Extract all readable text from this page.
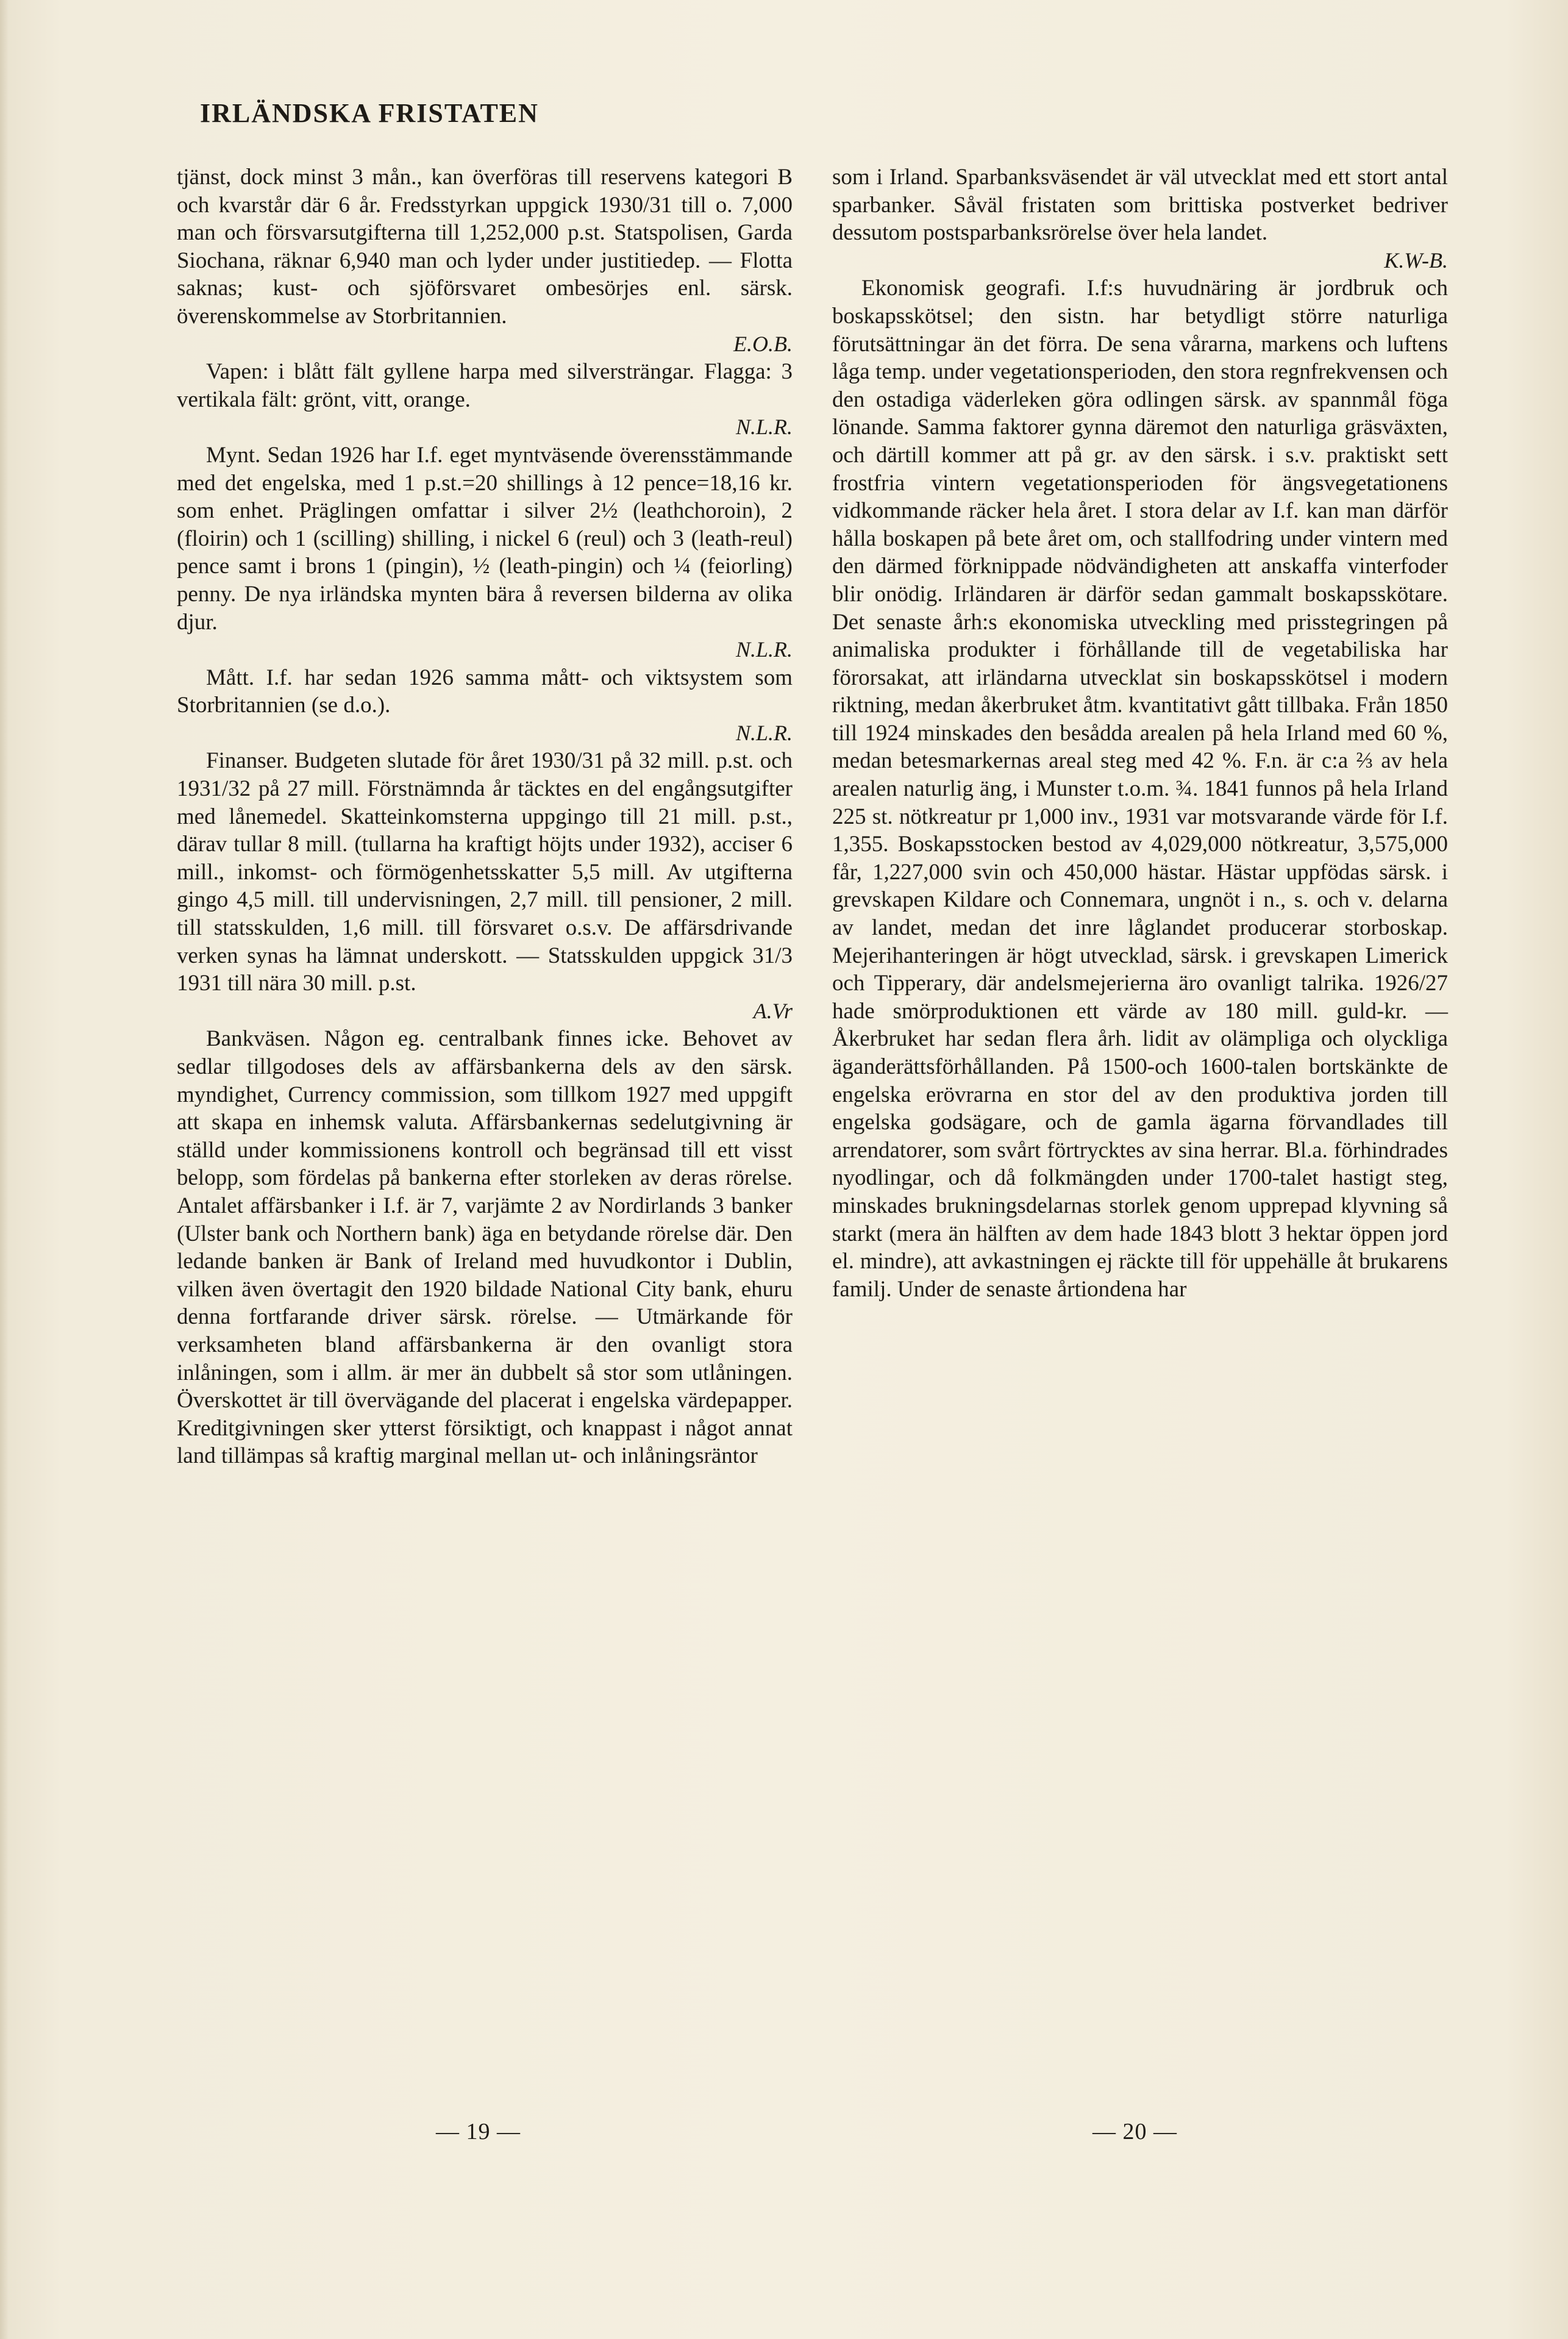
IRLÄNDSKA FRISTATEN

tjänst, dock minst 3 mån., kan överföras till reservens kategori B och kvarstår där 6 år. Fredsstyrkan uppgick 1930/31 till o. 7,000 man och försvarsutgifterna till 1,252,000 p.st. Statspolisen, Garda Siochana, räknar 6,940 man och lyder under justitiedep. — Flotta saknas; kust- och sjöförsvaret ombesörjes enl. särsk. överenskommelse av Storbritannien.

E.O.B.

Vapen: i blått fält gyllene harpa med silversträngar. Flagga: 3 vertikala fält: grönt, vitt, orange.

N.L.R.

Mynt. Sedan 1926 har I.f. eget myntväsende överensstämmande med det engelska, med 1 p.st.=20 shillings à 12 pence=18,16 kr. som enhet. Präglingen omfattar i silver 2½ (leathchoroin), 2 (floirin) och 1 (scilling) shilling, i nickel 6 (reul) och 3 (leath-reul) pence samt i brons 1 (pingin), ½ (leath-pingin) och ¼ (feiorling) penny. De nya irländska mynten bära å reversen bilderna av olika djur.

N.L.R.

Mått. I.f. har sedan 1926 samma mått- och viktsystem som Storbritannien (se d.o.).

N.L.R.

Finanser. Budgeten slutade för året 1930/31 på 32 mill. p.st. och 1931/32 på 27 mill. Förstnämnda år täcktes en del engångsutgifter med lånemedel. Skatteinkomsterna uppgingo till 21 mill. p.st., därav tullar 8 mill. (tullarna ha kraftigt höjts under 1932), acciser 6 mill., inkomst- och förmögenhetsskatter 5,5 mill. Av utgifterna gingo 4,5 mill. till undervisningen, 2,7 mill. till pensioner, 2 mill. till statsskulden, 1,6 mill. till försvaret o.s.v. De affärsdrivande verken synas ha lämnat underskott. — Statsskulden uppgick 31/3 1931 till nära 30 mill. p.st.

A.Vr

Bankväsen. Någon eg. centralbank finnes icke. Behovet av sedlar tillgodoses dels av affärsbankerna dels av den särsk. myndighet, Currency commission, som tillkom 1927 med uppgift att skapa en inhemsk valuta. Affärsbankernas sedelutgivning är ställd under kommissionens kontroll och begränsad till ett visst belopp, som fördelas på bankerna efter storleken av deras rörelse. Antalet affärsbanker i I.f. är 7, varjämte 2 av Nordirlands 3 banker (Ulster bank och Northern bank) äga en betydande rörelse där. Den ledande banken är Bank of Ireland med huvudkontor i Dublin, vilken även övertagit den 1920 bildade National City bank, ehuru denna fortfarande driver särsk. rörelse. — Utmärkande för verksamheten bland affärsbankerna är den ovanligt stora inlåningen, som i allm. är mer än dubbelt så stor som utlåningen. Överskottet är till övervägande del placerat i engelska värdepapper. Kreditgivningen sker ytterst försiktigt, och knappast i något annat land tillämpas så kraftig marginal mellan ut- och inlåningsräntor

som i Irland. Sparbanksväsendet är väl utvecklat med ett stort antal sparbanker. Såväl fristaten som brittiska postverket bedriver dessutom postsparbanksrörelse över hela landet.

K.W-B.

Ekonomisk geografi. I.f:s huvudnäring är jordbruk och boskapsskötsel; den sistn. har betydligt större naturliga förutsättningar än det förra. De sena vårarna, markens och luftens låga temp. under vegetationsperioden, den stora regnfrekvensen och den ostadiga väderleken göra odlingen särsk. av spannmål föga lönande. Samma faktorer gynna däremot den naturliga gräsväxten, och därtill kommer att på gr. av den särsk. i s.v. praktiskt sett frostfria vintern vegetationsperioden för ängsvegetationens vidkommande räcker hela året. I stora delar av I.f. kan man därför hålla boskapen på bete året om, och stallfodring under vintern med den därmed förknippade nödvändigheten att anskaffa vinterfoder blir onödig. Irländaren är därför sedan gammalt boskapsskötare. Det senaste årh:s ekonomiska utveckling med prisstegringen på animaliska produkter i förhållande till de vegetabiliska har förorsakat, att irländarna utvecklat sin boskapsskötsel i modern riktning, medan åkerbruket åtm. kvantitativt gått tillbaka. Från 1850 till 1924 minskades den besådda arealen på hela Irland med 60 %, medan betesmarkernas areal steg med 42 %. F.n. är c:a ⅔ av hela arealen naturlig äng, i Munster t.o.m. ¾. 1841 funnos på hela Irland 225 st. nötkreatur pr 1,000 inv., 1931 var motsvarande värde för I.f. 1,355. Boskapsstocken bestod av 4,029,000 nötkreatur, 3,575,000 får, 1,227,000 svin och 450,000 hästar. Hästar uppfödas särsk. i grevskapen Kildare och Connemara, ungnöt i n., s. och v. delarna av landet, medan det inre låglandet producerar storboskap. Mejerihanteringen är högt utvecklad, särsk. i grevskapen Limerick och Tipperary, där andelsmejerierna äro ovanligt talrika. 1926/27 hade smörproduktionen ett värde av 180 mill. guld-kr. — Åkerbruket har sedan flera årh. lidit av olämpliga och olyckliga äganderättsförhållanden. På 1500-och 1600-talen bortskänkte de engelska erövrarna en stor del av den produktiva jorden till engelska godsägare, och de gamla ägarna förvandlades till arrendatorer, som svårt förtrycktes av sina herrar. Bl.a. förhindrades nyodlingar, och då folkmängden under 1700-talet hastigt steg, minskades brukningsdelarnas storlek genom upprepad klyvning så starkt (mera än hälften av dem hade 1843 blott 3 hektar öppen jord el. mindre), att avkastningen ej räckte till för uppehälle åt brukarens familj. Under de senaste årtiondena har

— 19 —	— 20 —
